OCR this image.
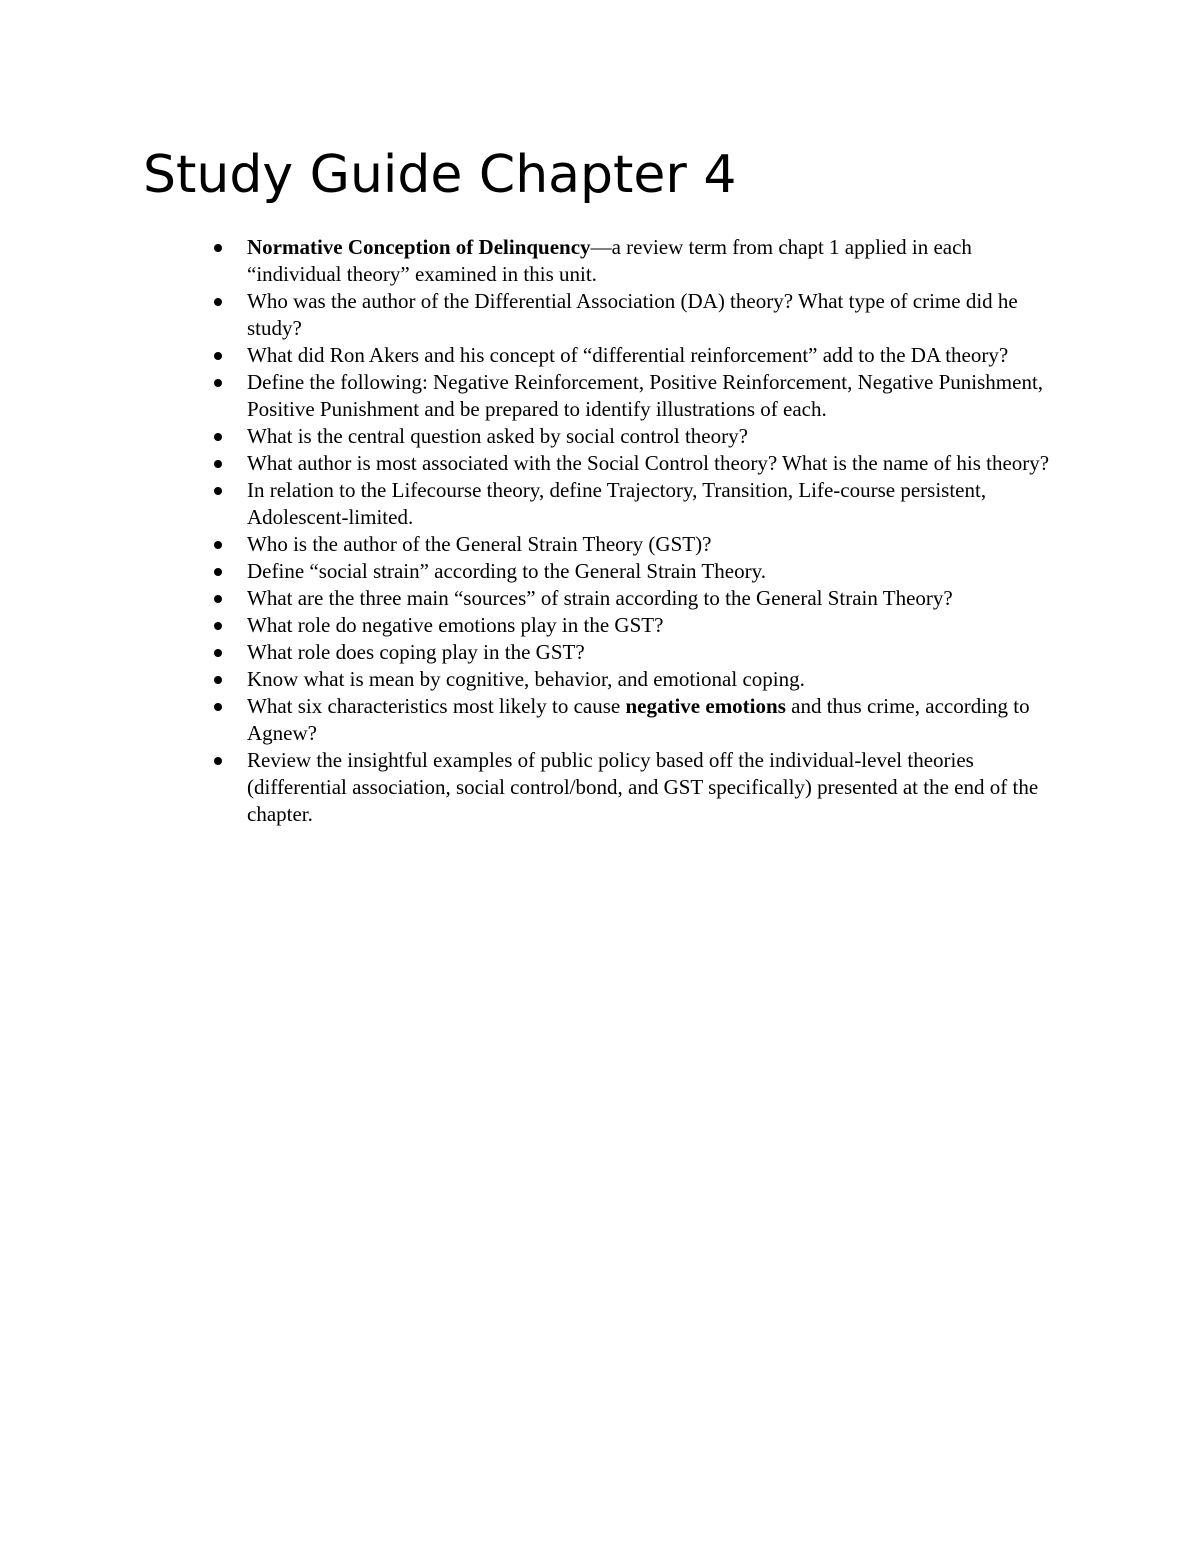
Study Guide Chapter 4
Normative Conception of Delinquency—a review term from chapt 1 applied in each “individual theory” examined in this unit.
Who was the author of the Differential Association (DA) theory? What type of crime did he study?
What did Ron Akers and his concept of “differential reinforcement” add to the DA theory?
Define the following: Negative Reinforcement, Positive Reinforcement, Negative Punishment, Positive Punishment and be prepared to identify illustrations of each.
What is the central question asked by social control theory?
What author is most associated with the Social Control theory? What is the name of his theory?
In relation to the Lifecourse theory, define Trajectory, Transition, Life-course persistent, Adolescent-limited.
Who is the author of the General Strain Theory (GST)?
Define “social strain” according to the General Strain Theory.
What are the three main “sources” of strain according to the General Strain Theory?
What role do negative emotions play in the GST?
What role does coping play in the GST?
Know what is mean by cognitive, behavior, and emotional coping.
What six characteristics most likely to cause negative emotions and thus crime, according to Agnew?
Review the insightful examples of public policy based off the individual-level theories (differential association, social control/bond, and GST specifically) presented at the end of the chapter.
